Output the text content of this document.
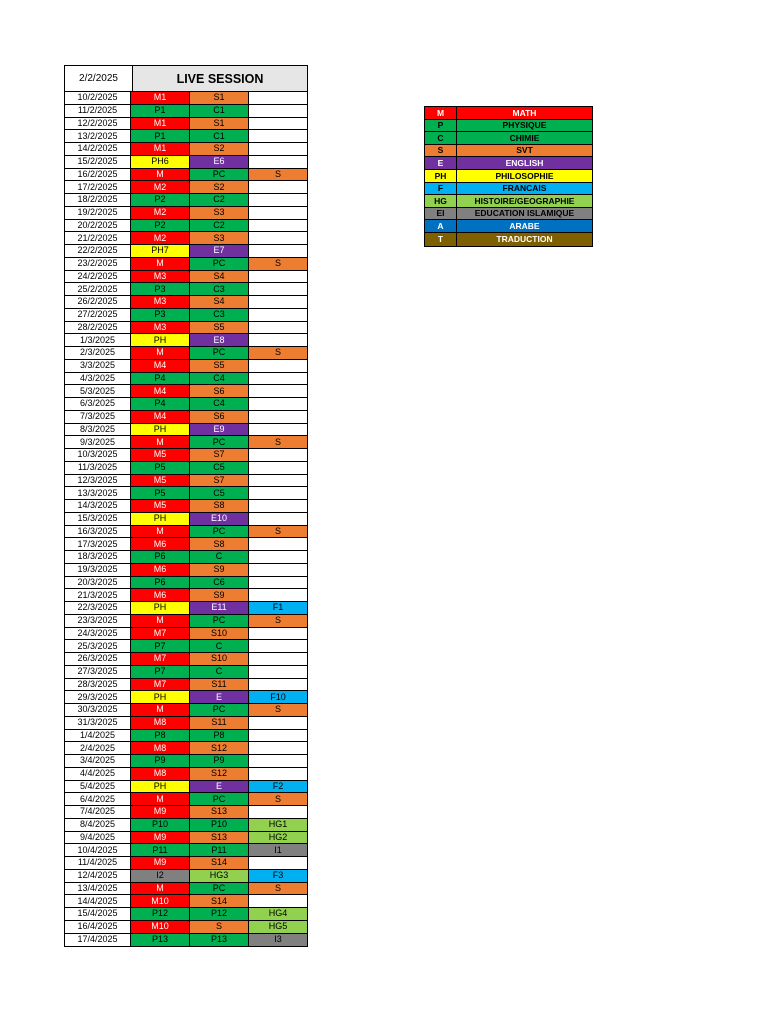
2/2/2025	LIVE SESSION
10/2/2025	M1	S1
11/2/2025	P1	C1
12/2/2025	M1	S1
13/2/2025	P1	C1
14/2/2025	M1	S2
15/2/2025	PH6	E6
16/2/2025	M	PC	S
17/2/2025	M2	S2
18/2/2025	P2	C2
19/2/2025	M2	S3
20/2/2025	P2	C2
21/2/2025	M2	S3
22/2/2025	PH7	E7
23/2/2025	M	PC	S
24/2/2025	M3	S4
25/2/2025	P3	C3
26/2/2025	M3	S4
27/2/2025	P3	C3
28/2/2025	M3	S5
1/3/2025	PH	E8
2/3/2025	M	PC	S
3/3/2025	M4	S5
4/3/2025	P4	C4
5/3/2025	M4	S6
6/3/2025	P4	C4
7/3/2025	M4	S6
8/3/2025	PH	E9
9/3/2025	M	PC	S
10/3/2025	M5	S7
11/3/2025	P5	C5
12/3/2025	M5	S7
13/3/2025	P5	C5
14/3/2025	M5	S8
15/3/2025	PH	E10
16/3/2025	M	PC	S
17/3/2025	M6	S8
18/3/2025	P6	C
19/3/2025	M6	S9
20/3/2025	P6	C6
21/3/2025	M6	S9
22/3/2025	PH	E11	F1
23/3/2025	M	PC	S
24/3/2025	M7	S10
25/3/2025	P7	C
26/3/2025	M7	S10
27/3/2025	P7	C
28/3/2025	M7	S11
29/3/2025	PH	E	F10
30/3/2025	M	PC	S
31/3/2025	M8	S11
1/4/2025	P8	P8
2/4/2025	M8	S12
3/4/2025	P9	P9
4/4/2025	M8	S12
5/4/2025	PH	E	F2
6/4/2025	M	PC	S
7/4/2025	M9	S13
8/4/2025	P10	P10	HG1
9/4/2025	M9	S13	HG2
10/4/2025	P11	P11	I1
11/4/2025	M9	S14
12/4/2025	I2	HG3	F3
13/4/2025	M	PC	S
14/4/2025	M10	S14
15/4/2025	P12	P12	HG4
16/4/2025	M10	S	HG5
17/4/2025	P13	P13	I3
M	MATH
P	PHYSIQUE
C	CHIMIE
S	SVT
E	ENGLISH
PH	PHILOSOPHIE
F	FRANCAIS
HG	HISTOIRE/GEOGRAPHIE
EI	EDUCATION ISLAMIQUE
A	ARABE
T	TRADUCTION
